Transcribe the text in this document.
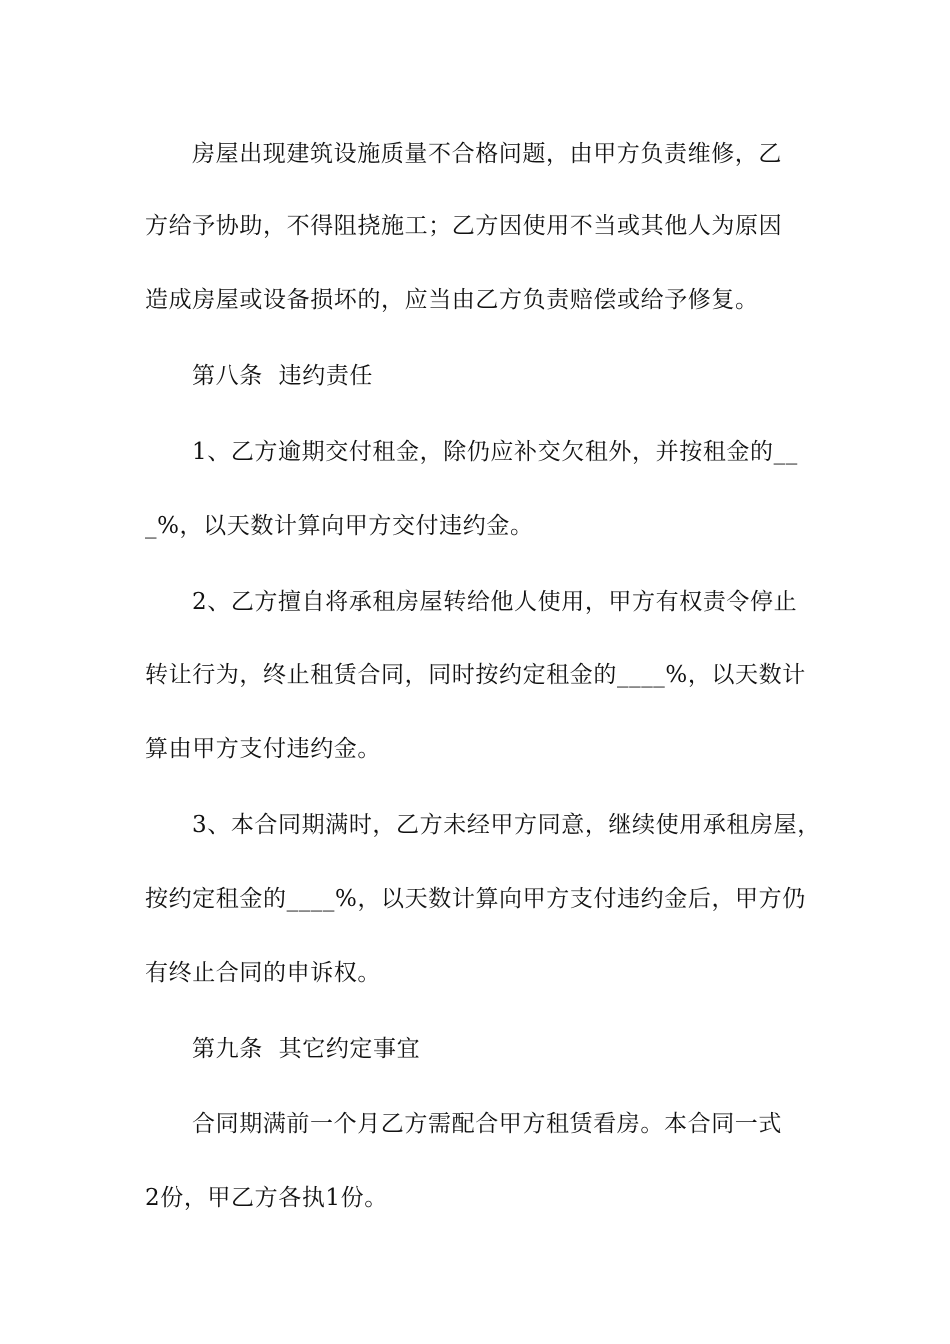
房屋出现建筑设施质量不合格问题，由甲方负责维修，乙
方给予协助，不得阻挠施工；乙方因使用不当或其他人为原因
造成房屋或设备损坏的，应当由乙方负责赔偿或给予修复。
第八条  违约责任
1、乙方逾期交付租金，除仍应补交欠租外，并按租金的__
_%，以天数计算向甲方交付违约金。
2、乙方擅自将承租房屋转给他人使用，甲方有权责令停止
转让行为，终止租赁合同，同时按约定租金的____%，以天数计
算由甲方支付违约金。
3、本合同期满时，乙方未经甲方同意，继续使用承租房屋，
按约定租金的____%，以天数计算向甲方支付违约金后，甲方仍
有终止合同的申诉权。
第九条  其它约定事宜
合同期满前一个月乙方需配合甲方租赁看房。本合同一式
2份，甲乙方各执1份。
